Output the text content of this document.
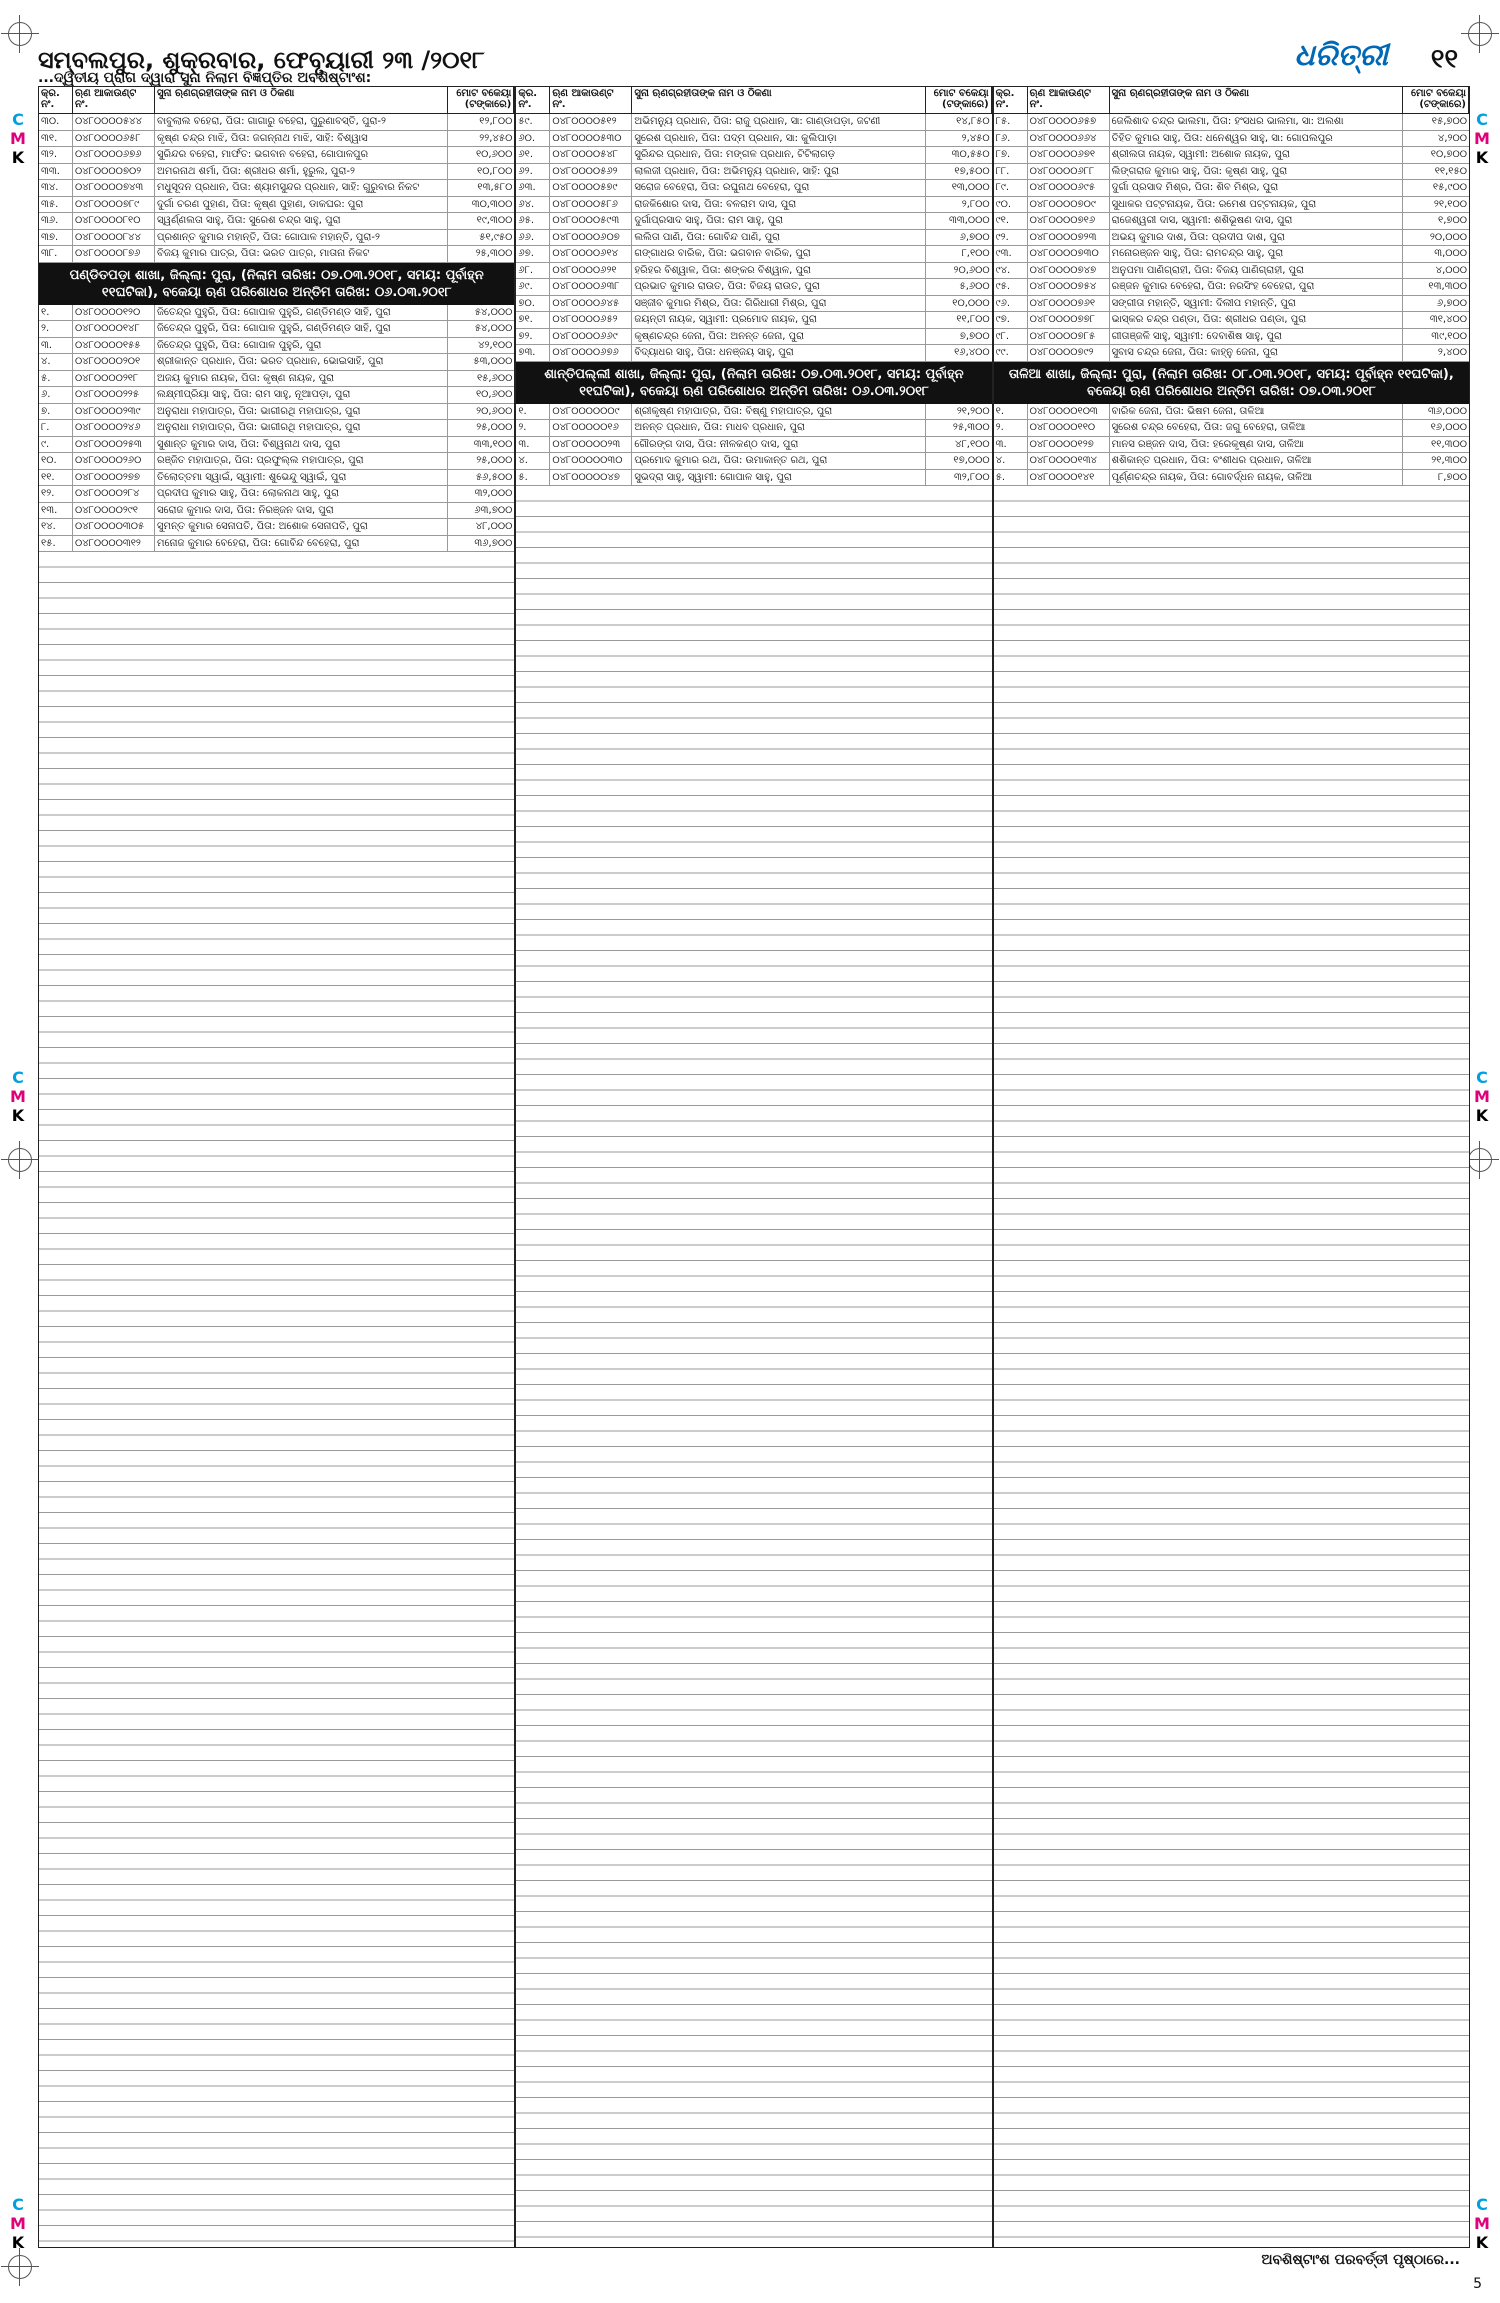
C
M
K
C
M
K
C
M
K
C
M
K
C
M
K
C
M
K
ସମ୍ବଲପୁର, ଶୁକ୍ରବାର, ଫେବୃୟାରୀ ୨୩ /୨୦୧୮	ଧରିତ୍ରୀ ୧୧
...ଦ୍ୱିତୀୟ ପ୍ରାଗ ଦ୍ୱାରା ସୁନା ନିଲାମ ବିଜ୍ଞପ୍ତିର ଅବଶିଷ୍ଟାଂଶ:
କ୍ର. ନଂ.
ଋଣ ଆକାଉଣ୍ଟ ନଂ.
ସୁନା ଋଣଗ୍ରହୀତାଙ୍କ ନାମ ଓ ଠିକଣା	ମୋଟ ବକେୟା (ଟଙ୍କାରେ)
୩୦.	୦୪୮୦୦୦୦୫୪୪	ବାବୁଲାଲ ବହେରା, ପିତା: ଗାଗାରୁ ବହେରା, ପୁରୁଣାବସ୍ତି, ପୁରା-୨	୧୨,୮୦୦
୩୧.	୦୪୮୦୦୦୦୬୫୮	କୃଷ୍ଣ ଚନ୍ଦ୍ର ମାଝି, ପିତା: ଜଗନ୍ନାଥ ମାଝି, ସାହି: ବିଶ୍ୱାସ	୨୨,୪୫୦
୩୨.	୦୪୮୦୦୦୦୬୭୬	ସୁରିନ୍ଦର ବହେରା, ମାର୍ଫତ: ଭଗବାନ ବହେରା, ଗୋପାଳପୁର	୧୦,୬୦୦
୩୩.	୦୪୮୦୦୦୦୭୦୨	ଅମରନାଥ ଶର୍ମା, ପିତା: ଶ୍ରୀଧର ଶର୍ମା, ହୁରୁଲ, ପୁରା-୨	୧୦,୮୦୦
୩୪.	୦୪୮୦୦୦୦୭୪୩	ମଧୁସୂଦନ ପ୍ରଧାନ, ପିତା: ଶ୍ୟାମସୁନ୍ଦର ପ୍ରଧାନ, ସାହି: ଗୁରୁବାର ନିକଟ	୧୩,୫୮୦
୩୫.	୦୪୮୦୦୦୦୭୮୯	ଦୁର୍ଗା ଚରଣ ପୁହାଣ, ପିତା: କୃଷ୍ଣ ପୁହାଣ, ଡାକଘର: ପୁରା	୩୦,୩୦୦
୩୬.	୦୪୮୦୦୦୦୮୧୦	ସ୍ୱର୍ଣ୍ଣଲତା ସାହୁ, ପିତା: ସୁରେଶ ଚନ୍ଦ୍ର ସାହୁ, ପୁରା	୧୯,୩୦୦
୩୭.	୦୪୮୦୦୦୦୮୪୪	ପ୍ରଶାନ୍ତ କୁମାର ମହାନ୍ତି, ପିତା: ଗୋପାଳ ମହାନ୍ତି, ପୁରା-୨	୫୧,୯୫୦
୩୮.	୦୪୮୦୦୦୦୮୭୬	ବିଜୟ କୁମାର ପାତ୍ର, ପିତା: ଭରତ ପାତ୍ର, ମାତାନା ନିକଟ	୨୫,୩୦୦
ପଣ୍ଡିତପଡ଼ା ଶାଖା, ଜିଲ୍ଲା: ପୁରା, (ନିଲାମ ତାରିଖ: ୦୭.୦୩.୨୦୧୮, ସମୟ: ପୂର୍ବାହ୍ନ ୧୧ଘଟିକା), ବକେୟା ଋଣ ପରିଶୋଧର ଅନ୍ତିମ ତାରିଖ: ୦୬.୦୩.୨୦୧୮
୧.	୦୪୮୦୦୦୦୧୨୦	ଜିତେନ୍ଦ୍ର ପୁହୁରି, ପିତା: ଗୋପାଳ ପୁହୁରି, ଗଣ୍ଡିମଣ୍ଡ ସାହି, ପୁରା	୫୪,୦୦୦
୨.	୦୪୮୦୦୦୦୧୪୮	ଜିତେନ୍ଦ୍ର ପୁହୁରି, ପିତା: ଗୋପାଳ ପୁହୁରି, ଗଣ୍ଡିମଣ୍ଡ ସାହି, ପୁରା	୫୪,୦୦୦
୩.	୦୪୮୦୦୦୦୧୫୫	ଜିତେନ୍ଦ୍ର ପୁହୁରି, ପିତା: ଗୋପାଳ ପୁହୁରି, ପୁରା	୪୨,୧୦୦
୪.	୦୪୮୦୦୦୦୨୦୧	ଶ୍ରୀକାନ୍ତ ପ୍ରଧାନ, ପିତା: ଭରତ ପ୍ରଧାନ, ଭୋଇସାହି, ପୁରା	୫୩,୦୦୦
୫.	୦୪୮୦୦୦୦୨୧୮	ଅଜୟ କୁମାର ନାୟକ, ପିତା: କୃଷ୍ଣ ନାୟକ, ପୁରା	୧୫,୬୦୦
୬.	୦୪୮୦୦୦୦୨୨୫	ଲକ୍ଷ୍ମୀପ୍ରିୟା ସାହୁ, ପିତା: ରାମ ସାହୁ, ନୂଆପଡ଼ା, ପୁରା	୧୦,୬୦୦
୭.	୦୪୮୦୦୦୦୨୩୯	ଅନୁରାଧା ମହାପାତ୍ର, ପିତା: ଭାଗୀରଥି ମହାପାତ୍ର, ପୁରା	୨୦,୬୦୦
୮.	୦୪୮୦୦୦୦୨୪୬	ଅନୁରାଧା ମହାପାତ୍ର, ପିତା: ଭାଗୀରଥି ମହାପାତ୍ର, ପୁରା	୨୫,୦୦୦
୯.	୦୪୮୦୦୦୦୨୫୩	ସୁଶାନ୍ତ କୁମାର ଦାସ, ପିତା: ବିଶ୍ୱନାଥ ଦାସ, ପୁରା	୩୩,୧୦୦
୧୦.	୦୪୮୦୦୦୦୨୬୦	ରଞ୍ଜିତ ମହାପାତ୍ର, ପିତା: ପ୍ରଫୁଲ୍ଲ ମହାପାତ୍ର, ପୁରା	୨୫,୦୦୦
୧୧.	୦୪୮୦୦୦୦୨୭୭	ତିଲୋତ୍ତମା ସ୍ୱାଇଁ, ସ୍ୱାମୀ: ଶୁଭେନ୍ଦୁ ସ୍ୱାଇଁ, ପୁରା	୫୬,୫୦୦
୧୨.	୦୪୮୦୦୦୦୨୮୪	ପ୍ରଦୀପ କୁମାର ସାହୁ, ପିତା: ଲୋକନାଥ ସାହୁ, ପୁରା	୩୨,୦୦୦
୧୩.	୦୪୮୦୦୦୦୨୯୧	ସରୋଜ କୁମାର ଦାସ, ପିତା: ନିରଞ୍ଜନ ଦାସ, ପୁରା	୬୩,୭୦୦
୧୪.	୦୪୮୦୦୦୦୩୦୫	ସୁମନ୍ତ କୁମାର ସେନାପତି, ପିତା: ଅଶୋକ ସେନାପତି, ପୁରା	୪୮,୦୦୦
୧୫.	୦୪୮୦୦୦୦୩୧୨	ମନୋଜ କୁମାର ବେହେରା, ପିତା: ଗୋବିନ୍ଦ ବେହେରା, ପୁରା	୩୬,୭୦୦
କ୍ର. ନଂ.
ଋଣ ଆକାଉଣ୍ଟ ନଂ.
ସୁନା ଋଣଗ୍ରହୀତାଙ୍କ ନାମ ଓ ଠିକଣା	ମୋଟ ବକେୟା (ଟଙ୍କାରେ)
୫୯.	୦୪୮୦୦୦୦୫୧୨	ଅଭିମନ୍ୟୁ ପ୍ରଧାନ, ପିତା: ରାଜୁ ପ୍ରଧାନ, ସା: ଗାଣ୍ଡାପଡ଼ା, ଜଟଣୀ	୧୪,୮୫୦
୬୦.	୦୪୮୦୦୦୦୫୩୦	ସୁରେଶ ପ୍ରଧାନ, ପିତା: ପଦ୍ମ ପ୍ରଧାନ, ସା: କୁଲିପାଡ଼ା	୨,୪୫୦
୬୧.	୦୪୮୦୦୦୦୫୪୮	ସୁରିନ୍ଦର ପ୍ରଧାନ, ପିତା: ମଙ୍ଗଳ ପ୍ରଧାନ, ଟିଟିଲାଗଡ଼	୩୦,୫୫୦
୬୨.	୦୪୮୦୦୦୦୫୬୨	ଲାଲଜୀ ପ୍ରଧାନ, ପିତା: ଅଭିମନ୍ୟୁ ପ୍ରଧାନ, ସାହି: ପୁରା	୧୭,୫୦୦
୬୩.	୦୪୮୦୦୦୦୫୭୯	ସରୋଜ ବେହେରା, ପିତା: ରଘୁନାଥ ବେହେରା, ପୁରା	୧୩,୦୦୦
୬୪.	୦୪୮୦୦୦୦୫୮୬	ରାଜକିଶୋର ଦାସ, ପିତା: ବଳରାମ ଦାସ, ପୁରା	୨,୮୦୦
୬୫.	୦୪୮୦୦୦୦୫୯୩	ଦୁର୍ଗାପ୍ରସାଦ ସାହୁ, ପିତା: ରାମ ସାହୁ, ପୁରା	୩୩,୦୦୦
୬୬.	୦୪୮୦୦୦୦୬୦୭	ଲଲିତା ପାଣି, ପିତା: ଗୋବିନ୍ଦ ପାଣି, ପୁରା	୬,୭୦୦
୬୭.	୦୪୮୦୦୦୦୬୧୪	ଗଙ୍ଗାଧର ବାରିକ, ପିତା: ଭଗବାନ ବାରିକ, ପୁରା	୮,୧୦୦
୬୮.	୦୪୮୦୦୦୦୬୨୧	ହରିହର ବିଶ୍ୱାଳ, ପିତା: ଶଙ୍କର ବିଶ୍ୱାଳ, ପୁରା	୨୦,୬୦୦
୬୯.	୦୪୮୦୦୦୦୬୩୮	ପ୍ରଭାତ କୁମାର ରାଉତ, ପିତା: ବିଜୟ ରାଉତ, ପୁରା	୫,୬୦୦
୭୦.	୦୪୮୦୦୦୦୬୪୫	ସଞ୍ଜୀବ କୁମାର ମିଶ୍ର, ପିତା: ଗିରିଧାରୀ ମିଶ୍ର, ପୁରା	୧୦,୦୦୦
୭୧.	୦୪୮୦୦୦୦୬୫୨	ଜୟନ୍ତୀ ନାୟକ, ସ୍ୱାମୀ: ପ୍ରମୋଦ ନାୟକ, ପୁରା	୧୧,୮୦୦
୭୨.	୦୪୮୦୦୦୦୬୬୯	କୃଷ୍ଣଚନ୍ଦ୍ର ଜେନା, ପିତା: ଅନନ୍ତ ଜେନା, ପୁରା	୭,୭୦୦
୭୩.	୦୪୮୦୦୦୦୬୭୬	ବିଦ୍ୟାଧର ସାହୁ, ପିତା: ଧନଞ୍ଜୟ ସାହୁ, ପୁରା	୧୬,୪୦୦
ଶାନ୍ତିପଲ୍ଲୀ ଶାଖା, ଜିଲ୍ଲା: ପୁରା, (ନିଲାମ ତାରିଖ: ୦୭.୦୩.୨୦୧୮, ସମୟ: ପୂର୍ବାହ୍ନ ୧୧ଘଟିକା), ବକେୟା ଋଣ ପରିଶୋଧର ଅନ୍ତିମ ତାରିଖ: ୦୬.୦୩.୨୦୧୮
୧.	୦୪୮୦୦୦୦୦୦୯	ଶ୍ରୀକୃଷ୍ଣ ମହାପାତ୍ର, ପିତା: ବିଷ୍ଣୁ ମହାପାତ୍ର, ପୁରା	୨୧,୨୦୦
୨.	୦୪୮୦୦୦୦୦୧୬	ଅନନ୍ତ ପ୍ରଧାନ, ପିତା: ମାଧବ ପ୍ରଧାନ, ପୁରା	୨୫,୩୦୦
୩.	୦୪୮୦୦୦୦୦୨୩	ଗୌରଙ୍ଗ ଦାସ, ପିତା: ନୀଳକଣ୍ଠ ଦାସ, ପୁରା	୪୮,୧୦୦
୪.	୦୪୮୦୦୦୦୦୩୦	ପ୍ରମୋଦ କୁମାର ରଥ, ପିତା: ଉମାକାନ୍ତ ରଥ, ପୁରା	୧୭,୦୦୦
୫.	୦୪୮୦୦୦୦୦୪୭	ସୁଭଦ୍ରା ସାହୁ, ସ୍ୱାମୀ: ଗୋପାଳ ସାହୁ, ପୁରା	୩୨,୮୦୦
କ୍ର. ନଂ.
ଋଣ ଆକାଉଣ୍ଟ ନଂ.
ସୁନା ଋଣଗ୍ରହୀତାଙ୍କ ନାମ ଓ ଠିକଣା	ମୋଟ ବକେୟା (ଟଙ୍କାରେ)
୮୫.	୦୪୮୦୦୦୦୬୫୭	ଜେଲିଶାଦ ଚନ୍ଦ୍ର ଭାଲମା, ପିତା: ହଂସଧର ଭାଲମା, ସା: ଅଲଶା	୧୫,୭୦୦
୮୬.	୦୪୮୦୦୦୦୬୬୪	ତିହିତ କୁମାର ସାହୁ, ପିତା: ଧନେଶ୍ୱର ସାହୁ, ସା: ଗୋପଲପୁର	୪,୨୦୦
୮୭.	୦୪୮୦୦୦୦୬୭୧	ଶ୍ରୀଲତା ନାୟକ, ସ୍ୱାମୀ: ଅଶୋକ ନାୟକ, ପୁରା	୧୦,୭୦୦
୮୮.	୦୪୮୦୦୦୦୬୮୮	ଲିଙ୍ଗରାଜ କୁମାର ସାହୁ, ପିତା: କୃଷ୍ଣ ସାହୁ, ପୁରା	୧୧,୧୫୦
୮୯.	୦୪୮୦୦୦୦୬୯୫	ଦୁର୍ଗା ପ୍ରସାଦ ମିଶ୍ର, ପିତା: ଶିବ ମିଶ୍ର, ପୁରା	୧୫,୯୦୦
୯୦.	୦୪୮୦୦୦୦୭୦୯	ସୁଧାକର ପଟ୍ଟନାୟକ, ପିତା: ରମେଶ ପଟ୍ଟନାୟକ, ପୁରା	୨୧,୧୦୦
୯୧.	୦୪୮୦୦୦୦୭୧୬	ରାଜେଶ୍ୱରୀ ଦାସ, ସ୍ୱାମୀ: ଶଶିଭୂଷଣ ଦାସ, ପୁରା	୧,୭୦୦
୯୨.	୦୪୮୦୦୦୦୭୨୩	ଅଭୟ କୁମାର ଦାଶ, ପିତା: ପ୍ରଦୀପ ଦାଶ, ପୁରା	୨୦,୦୦୦
୯୩.	୦୪୮୦୦୦୦୭୩୦	ମନୋରଞ୍ଜନ ସାହୁ, ପିତା: ରାମଚନ୍ଦ୍ର ସାହୁ, ପୁରା	୩,୦୦୦
୯୪.	୦୪୮୦୦୦୦୭୪୭	ଅନୁପମା ପାଣିଗ୍ରାହୀ, ପିତା: ବିଜୟ ପାଣିଗ୍ରାହୀ, ପୁରା	୪,୦୦୦
୯୫.	୦୪୮୦୦୦୦୭୫୪	ରଞ୍ଜନ କୁମାର ବେହେରା, ପିତା: ନରସିଂହ ବେହେରା, ପୁରା	୧୩,୩୦୦
୯୬.	୦୪୮୦୦୦୦୭୬୧	ସଙ୍ଗୀତା ମହାନ୍ତି, ସ୍ୱାମୀ: ଦିଲୀପ ମହାନ୍ତି, ପୁରା	୬,୭୦୦
୯୭.	୦୪୮୦୦୦୦୭୭୮	ଭାସ୍କର ଚନ୍ଦ୍ର ପଣ୍ଡା, ପିତା: ଶ୍ରୀଧର ପଣ୍ଡା, ପୁରା	୩୧,୪୦୦
୯୮.	୦୪୮୦୦୦୦୭୮୫	ଗୀତାଞ୍ଜଳି ସାହୁ, ସ୍ୱାମୀ: ଦେବାଶିଷ ସାହୁ, ପୁରା	୩୯,୧୦୦
୯୯.	୦୪୮୦୦୦୦୭୯୨	ସୁବାସ ଚନ୍ଦ୍ର ଜେନା, ପିତା: କାହ୍ନୁ ଜେନା, ପୁରା	୨,୪୦୦
ତାଳିଆ ଶାଖା, ଜିଲ୍ଲା: ପୁରା, (ନିଲାମ ତାରିଖ: ୦୮.୦୩.୨୦୧୮, ସମୟ: ପୂର୍ବାହ୍ନ ୧୧ଘଟିକା), ବକେୟା ଋଣ ପରିଶୋଧର ଅନ୍ତିମ ତାରିଖ: ୦୭.୦୩.୨୦୧୮
୧.	୦୪୮୦୦୦୦୧୦୩	ବାରିକ ଜେନା, ପିତା: ଭିଷମ ଜେନା, ତାଳିଆ	୩୬,୦୦୦
୨.	୦୪୮୦୦୦୦୧୧୦	ସୁରେଶ ଚନ୍ଦ୍ର ବେହେରା, ପିତା: ଜଗୁ ବେହେରା, ତାଳିଆ	୧୬,୦୦୦
୩.	୦୪୮୦୦୦୦୧୨୭	ମାନସ ରଞ୍ଜନ ଦାସ, ପିତା: ହରେକୃଷ୍ଣ ଦାସ, ତାଳିଆ	୧୧,୩୦୦
୪.	୦୪୮୦୦୦୦୧୩୪	ଶଶିକାନ୍ତ ପ୍ରଧାନ, ପିତା: ବଂଶୀଧର ପ୍ରଧାନ, ତାଳିଆ	୨୧,୩୦୦
୫.	୦୪୮୦୦୦୦୧୪୧	ପୂର୍ଣ୍ଣଚନ୍ଦ୍ର ନାୟକ, ପିତା: ଗୋବର୍ଦ୍ଧନ ନାୟକ, ତାଳିଆ	୮,୭୦୦
ଅବଶିଷ୍ଟାଂଶ ପରବର୍ତ୍ତୀ ପୃଷ୍ଠାରେ...
5
